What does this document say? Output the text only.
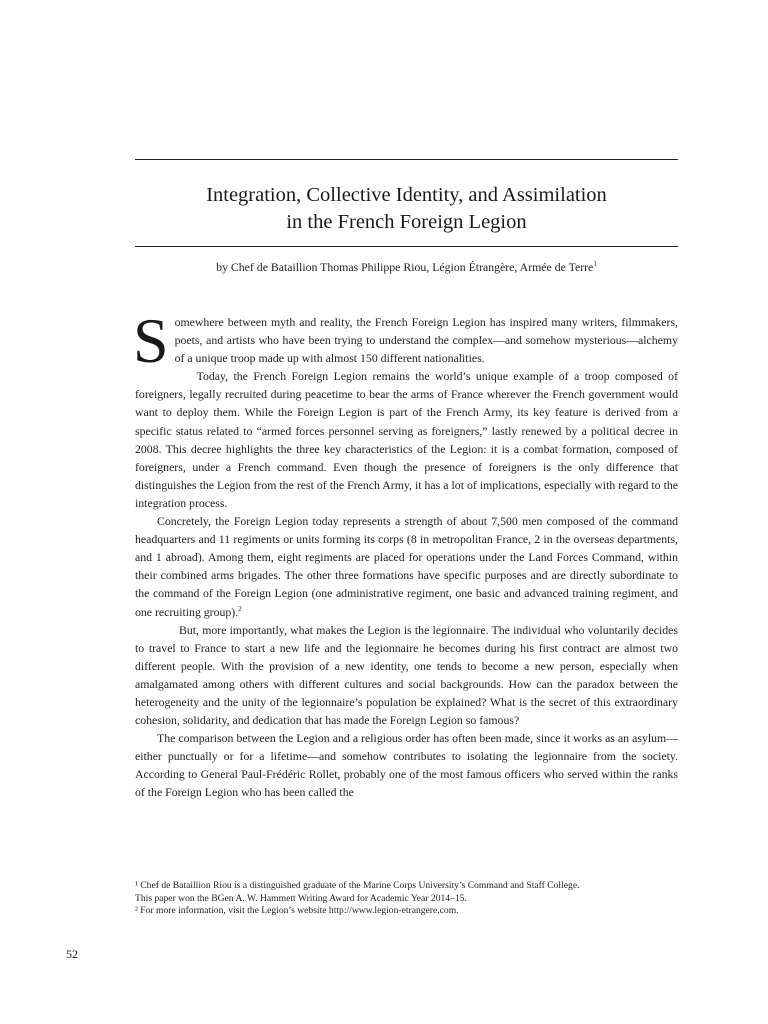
Integration, Collective Identity, and Assimilation
in the French Foreign Legion
by Chef de Bataillion Thomas Philippe Riou, Légion Étrangère, Armée de Terre$^1$

Somewhere between myth and reality, the French Foreign Legion has inspired many writers, filmmakers, poets, and artists who have been trying to understand the complex—and somehow mysterious—alchemy of a unique troop made up with almost 150 different nationalities.

Today, the French Foreign Legion remains the world’s unique example of a troop composed of foreigners, legally recruited during peacetime to bear the arms of France wherever the French government would want to deploy them. While the Foreign Legion is part of the French Army, its key feature is derived from a specific status related to “armed forces personnel serving as foreigners,” lastly renewed by a political decree in 2008. This decree highlights the three key characteristics of the Legion: it is a combat formation, composed of foreigners, under a French command. Even though the presence of foreigners is the only difference that distinguishes the Legion from the rest of the French Army, it has a lot of implications, especially with regard to the integration process.

Concretely, the Foreign Legion today represents a strength of about 7,500 men composed of the command headquarters and 11 regiments or units forming its corps (8 in metropolitan France, 2 in the overseas departments, and 1 abroad). Among them, eight regiments are placed for operations under the Land Forces Command, within their combined arms brigades. The other three formations have specific purposes and are directly subordinate to the command of the Foreign Legion (one administrative regiment, one basic and advanced training regiment, and one recruiting group).$^2$

But, more importantly, what makes the Legion is the legionnaire. The individual who voluntarily decides to travel to France to start a new life and the legionnaire he becomes during his first contract are almost two different people. With the provision of a new identity, one tends to become a new person, especially when amalgamated among others with different cultures and social backgrounds. How can the paradox between the heterogeneity and the unity of the legionnaire’s population be explained? What is the secret of this extraordinary cohesion, solidarity, and dedication that has made the Foreign Legion so famous?

The comparison between the Legion and a religious order has often been made, since it works as an asylum—either punctually or for a lifetime—and somehow contributes to isolating the legionnaire from the society. According to General Paul-Frédéric Rollet, probably one of the most famous officers who served within the ranks of the Foreign Legion who has been called the

¹ Chef de Bataillion Riou is a distinguished graduate of the Marine Corps University’s Command and Staff College.

This paper won the BGen A. W. Hammett Writing Award for Academic Year 2014–15.

² For more information, visit the Legion’s website http://www.legion-etrangere.com.

52
